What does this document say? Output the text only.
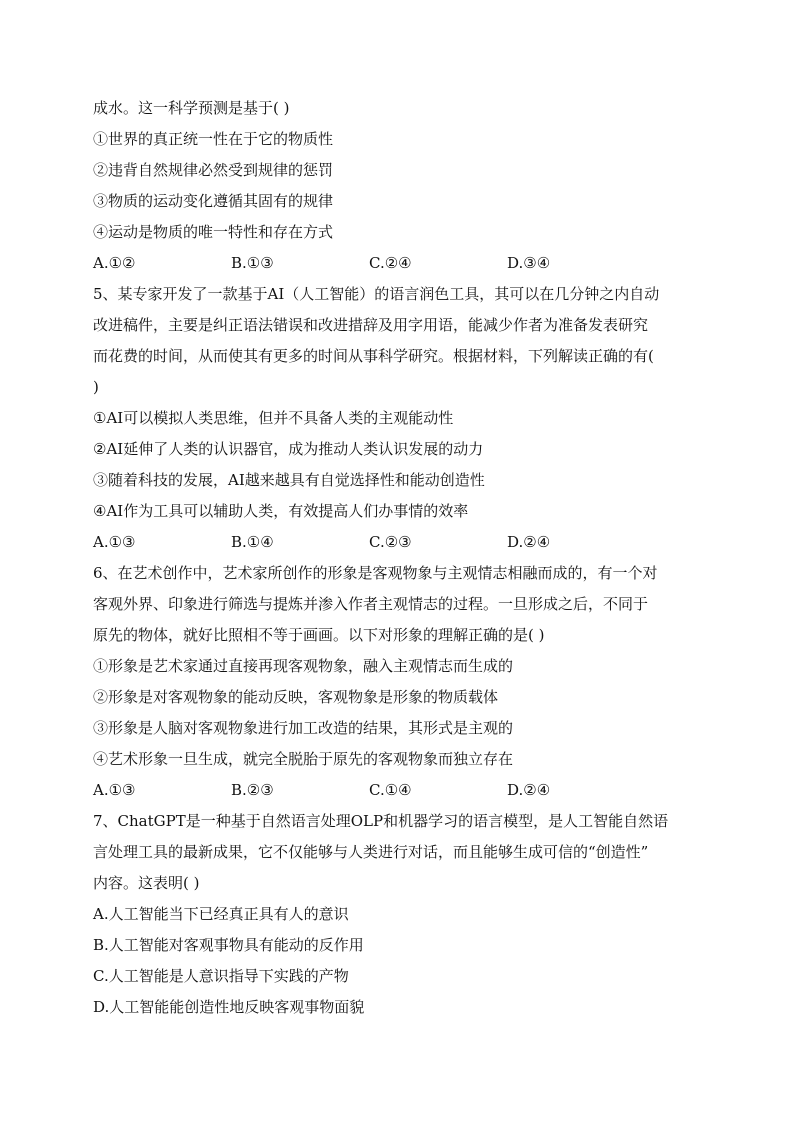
成水。这一科学预测是基于( )
①世界的真正统一性在于它的物质性
②违背自然规律必然受到规律的惩罚
③物质的运动变化遵循其固有的规律
④运动是物质的唯一特性和存在方式
A.①②	B.①③	C.②④	D.③④
5、某专家开发了一款基于AI（人工智能）的语言润色工具，其可以在几分钟之内自动
改进稿件，主要是纠正语法错误和改进措辞及用字用语，能减少作者为准备发表研究
而花费的时间，从而使其有更多的时间从事科学研究。根据材料，下列解读正确的有(
)
①AI可以模拟人类思维，但并不具备人类的主观能动性
②AI延伸了人类的认识器官，成为推动人类认识发展的动力
③随着科技的发展，AI越来越具有自觉选择性和能动创造性
④AI作为工具可以辅助人类，有效提高人们办事情的效率
A.①③	B.①④	C.②③	D.②④
6、在艺术创作中，艺术家所创作的形象是客观物象与主观情志相融而成的，有一个对
客观外界、印象进行筛选与提炼并渗入作者主观情志的过程。一旦形成之后，不同于
原先的物体，就好比照相不等于画画。以下对形象的理解正确的是( )
①形象是艺术家通过直接再现客观物象，融入主观情志而生成的
②形象是对客观物象的能动反映，客观物象是形象的物质载体
③形象是人脑对客观物象进行加工改造的结果，其形式是主观的
④艺术形象一旦生成，就完全脱胎于原先的客观物象而独立存在
A.①③	B.②③	C.①④	D.②④
7、ChatGPT是一种基于自然语言处理OLP和机器学习的语言模型，是人工智能自然语
言处理工具的最新成果，它不仅能够与人类进行对话，而且能够生成可信的“创造性”
内容。这表明( )
A.人工智能当下已经真正具有人的意识
B.人工智能对客观事物具有能动的反作用
C.人工智能是人意识指导下实践的产物
D.人工智能能创造性地反映客观事物面貌
